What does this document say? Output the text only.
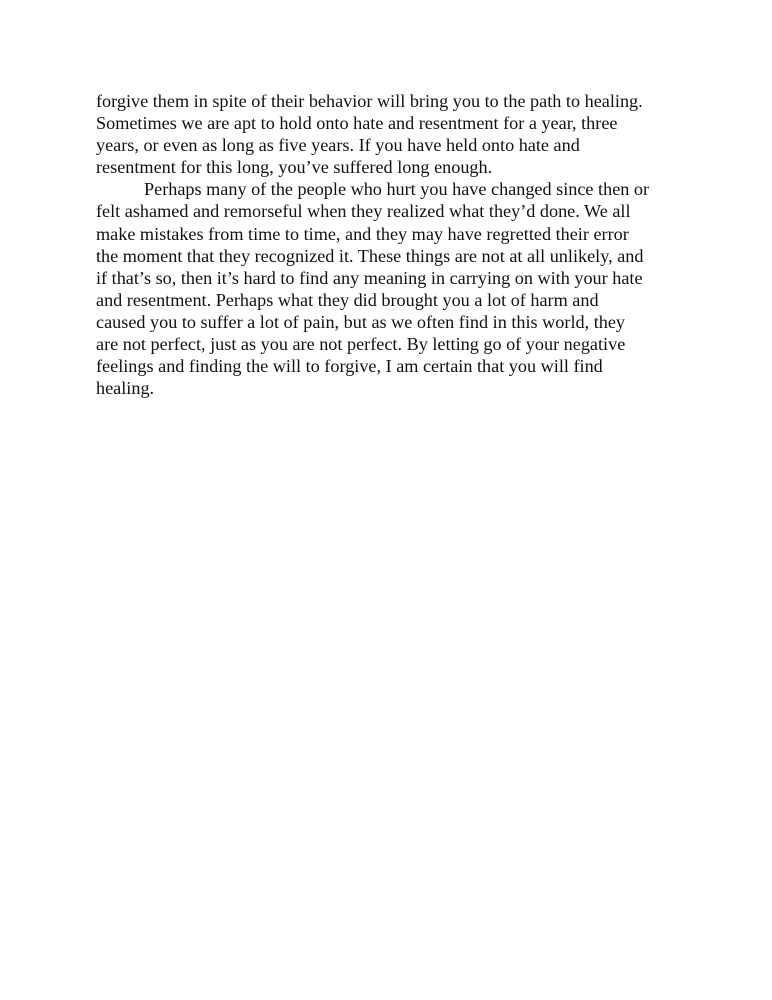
forgive them in spite of their behavior will bring you to the path to healing.
Sometimes we are apt to hold onto hate and resentment for a year, three
years, or even as long as five years. If you have held onto hate and
resentment for this long, you’ve suffered long enough.
Perhaps many of the people who hurt you have changed since then or
felt ashamed and remorseful when they realized what they’d done. We all
make mistakes from time to time, and they may have regretted their error
the moment that they recognized it. These things are not at all unlikely, and
if that’s so, then it’s hard to find any meaning in carrying on with your hate
and resentment. Perhaps what they did brought you a lot of harm and
caused you to suffer a lot of pain, but as we often find in this world, they
are not perfect, just as you are not perfect. By letting go of your negative
feelings and finding the will to forgive, I am certain that you will find
healing.
